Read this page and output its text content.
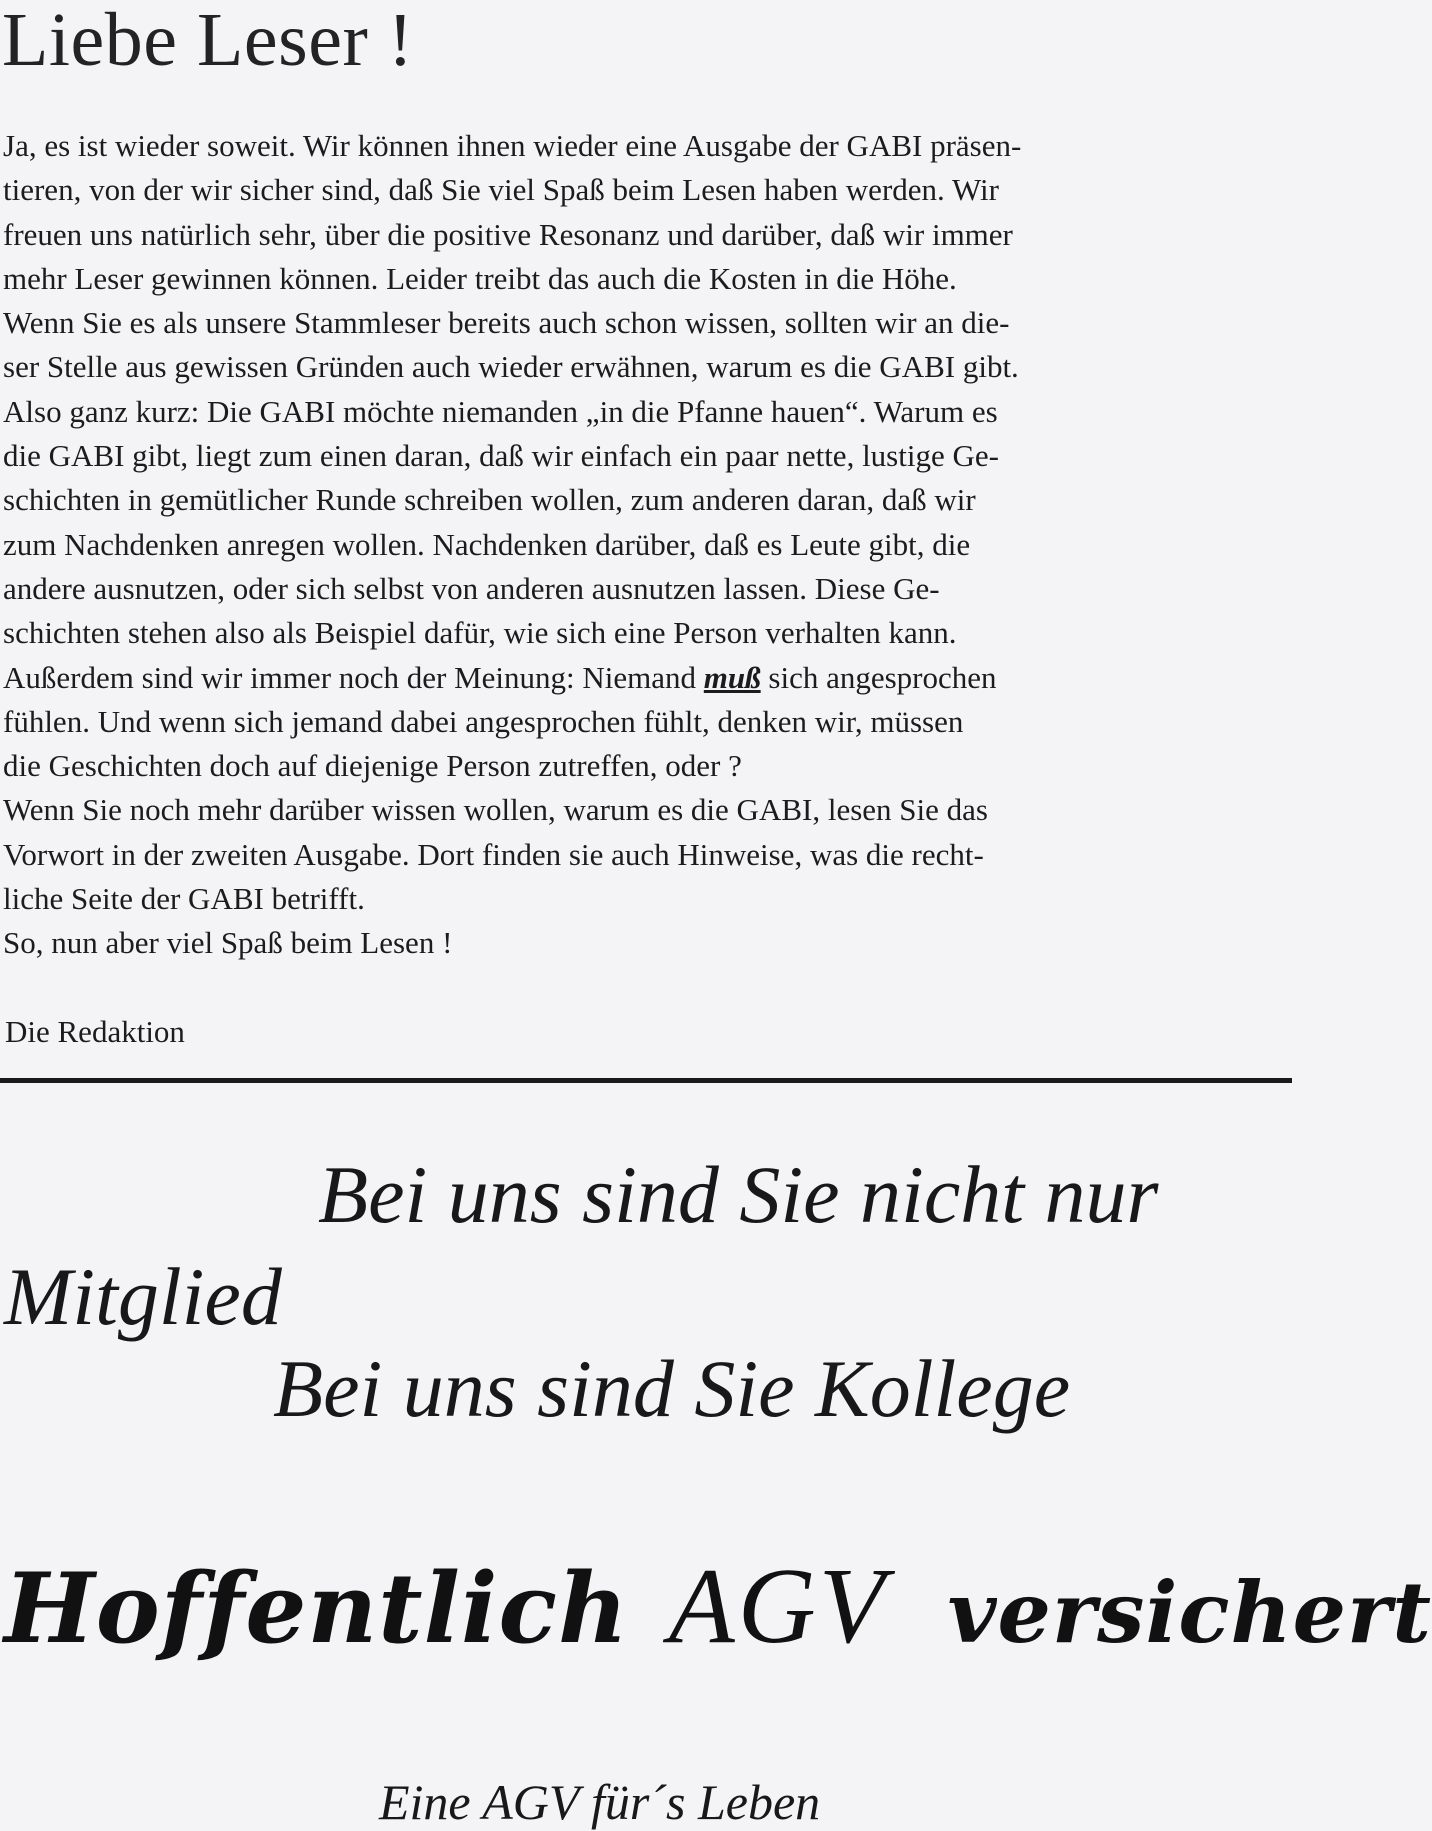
Liebe Leser !
Ja, es ist wieder soweit. Wir können ihnen wieder eine Ausgabe der GABI präsen-
tieren, von der wir sicher sind, daß Sie viel Spaß beim Lesen haben werden. Wir
freuen uns natürlich sehr, über die positive Resonanz und darüber, daß wir immer
mehr Leser gewinnen können. Leider treibt das auch die Kosten in die Höhe.
Wenn Sie es als unsere Stammleser bereits auch schon wissen, sollten wir an die-
ser Stelle aus gewissen Gründen auch wieder erwähnen, warum es die GABI gibt.
Also ganz kurz: Die GABI möchte niemanden „in die Pfanne hauen“. Warum es
die GABI gibt, liegt zum einen daran, daß wir einfach ein paar nette, lustige Ge-
schichten in gemütlicher Runde schreiben wollen, zum anderen daran, daß wir
zum Nachdenken anregen wollen. Nachdenken darüber, daß es Leute gibt, die
andere ausnutzen, oder sich selbst von anderen ausnutzen lassen. Diese Ge-
schichten stehen also als Beispiel dafür, wie sich eine Person verhalten kann.
Außerdem sind wir immer noch der Meinung: Niemand muß sich angesprochen
fühlen. Und wenn sich jemand dabei angesprochen fühlt, denken wir, müssen
die Geschichten doch auf diejenige Person zutreffen, oder ?
Wenn Sie noch mehr darüber wissen wollen, warum es die GABI, lesen Sie das
Vorwort in der zweiten Ausgabe. Dort finden sie auch Hinweise, was die recht-
liche Seite der GABI betrifft.
So, nun aber viel Spaß beim Lesen !
Die Redaktion
Bei uns sind Sie nicht nur
Mitglied
Bei uns sind Sie Kollege
Hoffentlich AGV versichert
Eine AGV für´s Leben
